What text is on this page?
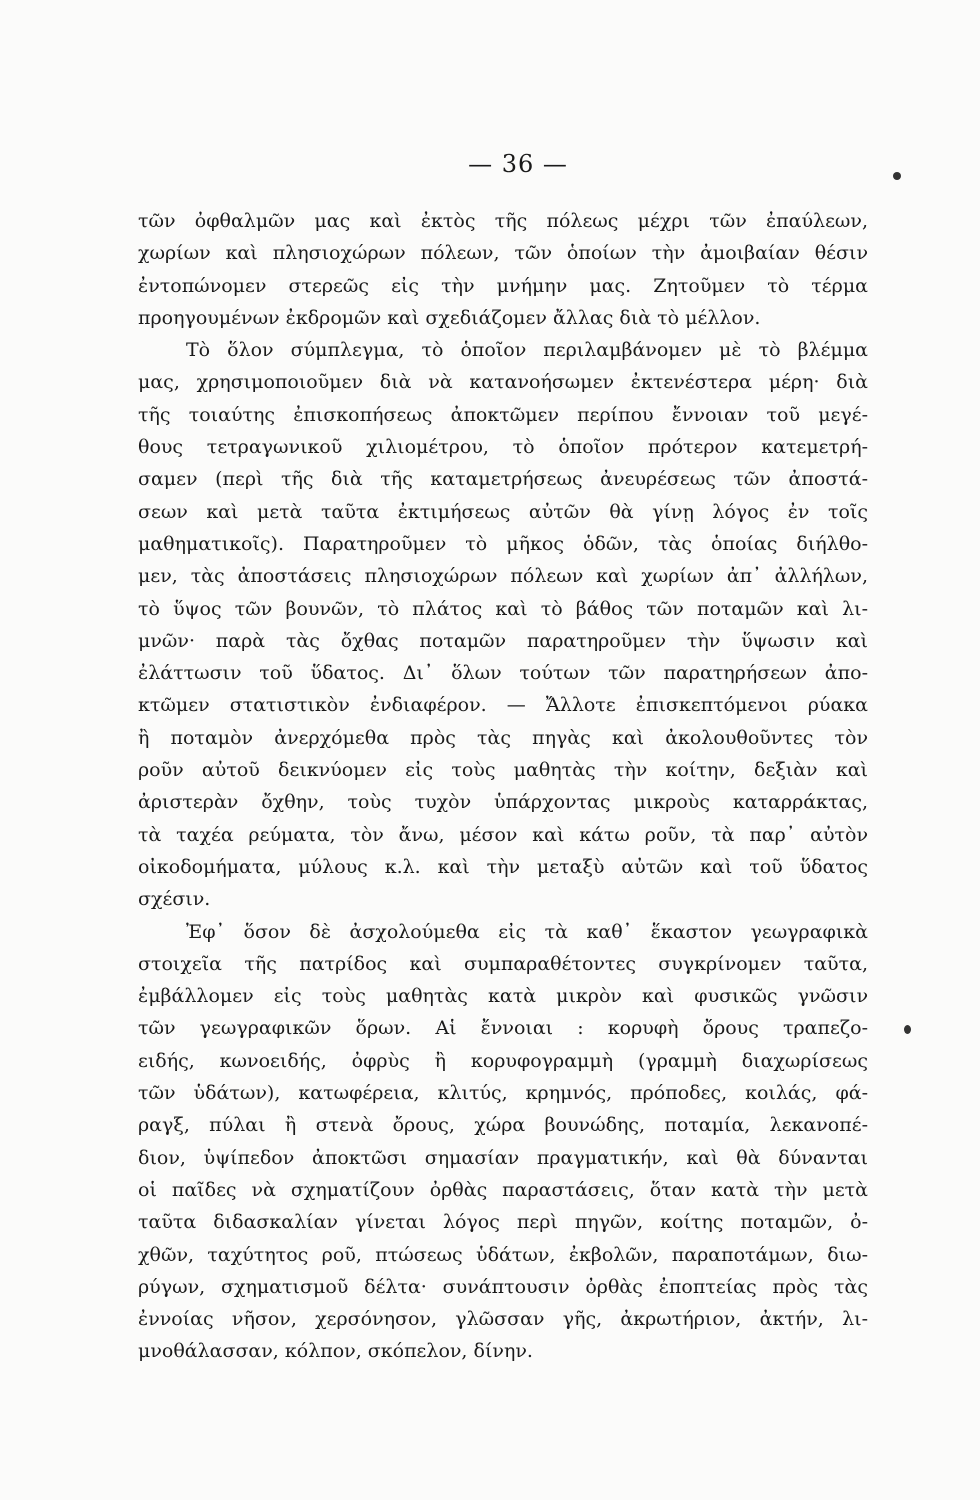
— 36 —
τῶν ὀφθαλμῶν μας καὶ ἐκτὸς τῆς πόλεως μέχρι τῶν ἐπαύλεων,
χωρίων καὶ πλησιοχώρων πόλεων, τῶν ὁποίων τὴν ἀμοιβαίαν θέσιν
ἐντοπώνομεν στερεῶς εἰς τὴν μνήμην μας. Ζητοῦμεν τὸ τέρμα
προηγουμένων ἐκδρομῶν καὶ σχεδιάζομεν ἄλλας διὰ τὸ μέλλον.
Τὸ ὅλον σύμπλεγμα, τὸ ὁποῖον περιλαμβάνομεν μὲ τὸ βλέμμα
μας, χρησιμοποιοῦμεν διὰ νὰ κατανοήσωμεν ἐκτενέστερα μέρη· διὰ
τῆς τοιαύτης ἐπισκοπήσεως ἀποκτῶμεν περίπου ἔννοιαν τοῦ μεγέ-
θους τετραγωνικοῦ χιλιομέτρου, τὸ ὁποῖον πρότερον κατεμετρή-
σαμεν (περὶ τῆς διὰ τῆς καταμετρήσεως ἀνευρέσεως τῶν ἀποστά-
σεων καὶ μετὰ ταῦτα ἐκτιμήσεως αὐτῶν θὰ γίνῃ λόγος ἐν τοῖς
μαθηματικοῖς). Παρατηροῦμεν τὸ μῆκος ὁδῶν, τὰς ὁποίας διήλθο-
μεν, τὰς ἀποστάσεις πλησιοχώρων πόλεων καὶ χωρίων ἀπ᾽ ἀλλήλων,
τὸ ὕψος τῶν βουνῶν, τὸ πλάτος καὶ τὸ βάθος τῶν ποταμῶν καὶ λι-
μνῶν· παρὰ τὰς ὄχθας ποταμῶν παρατηροῦμεν τὴν ὕψωσιν καὶ
ἐλάττωσιν τοῦ ὕδατος. Δι᾽ ὅλων τούτων τῶν παρατηρήσεων ἀπο-
κτῶμεν στατιστικὸν ἐνδιαφέρον. — Ἄλλοτε ἐπισκεπτόμενοι ρύακα
ἢ ποταμὸν ἀνερχόμεθα πρὸς τὰς πηγὰς καὶ ἀκολουθοῦντες τὸν
ροῦν αὐτοῦ δεικνύομεν εἰς τοὺς μαθητὰς τὴν κοίτην, δεξιὰν καὶ
ἀριστερὰν ὄχθην, τοὺς τυχὸν ὑπάρχοντας μικροὺς καταρράκτας,
τὰ ταχέα ρεύματα, τὸν ἄνω, μέσον καὶ κάτω ροῦν, τὰ παρ᾽ αὐτὸν
οἰκοδομήματα, μύλους κ.λ. καὶ τὴν μεταξὺ αὐτῶν καὶ τοῦ ὕδατος
σχέσιν.
Ἐφ᾽ ὅσον δὲ ἀσχολούμεθα εἰς τὰ καθ᾽ ἕκαστον γεωγραφικὰ
στοιχεῖα τῆς πατρίδος καὶ συμπαραθέτοντες συγκρίνομεν ταῦτα,
ἐμβάλλομεν εἰς τοὺς μαθητὰς κατὰ μικρὸν καὶ φυσικῶς γνῶσιν
τῶν γεωγραφικῶν ὅρων. Αἱ ἔννοιαι : κορυφὴ ὄρους τραπεζο-
ειδής, κωνοειδής, ὀφρὺς ἢ κορυφογραμμὴ (γραμμὴ διαχωρίσεως
τῶν ὑδάτων), κατωφέρεια, κλιτύς, κρημνός, πρόποδες, κοιλάς, φά-
ραγξ, πύλαι ἢ στενὰ ὄρους, χώρα βουνώδης, ποταμία, λεκανοπέ-
διον, ὑψίπεδον ἀποκτῶσι σημασίαν πραγματικήν, καὶ θὰ δύνανται
οἱ παῖδες νὰ σχηματίζουν ὀρθὰς παραστάσεις, ὅταν κατὰ τὴν μετὰ
ταῦτα διδασκαλίαν γίνεται λόγος περὶ πηγῶν, κοίτης ποταμῶν, ὀ-
χθῶν, ταχύτητος ροῦ, πτώσεως ὑδάτων, ἐκβολῶν, παραποτάμων, διω-
ρύγων, σχηματισμοῦ δέλτα· συνάπτουσιν ὀρθὰς ἐποπτείας πρὸς τὰς
ἐννοίας νῆσον, χερσόνησον, γλῶσσαν γῆς, ἀκρωτήριον, ἀκτήν, λι-
μνοθάλασσαν, κόλπον, σκόπελον, δίνην.
